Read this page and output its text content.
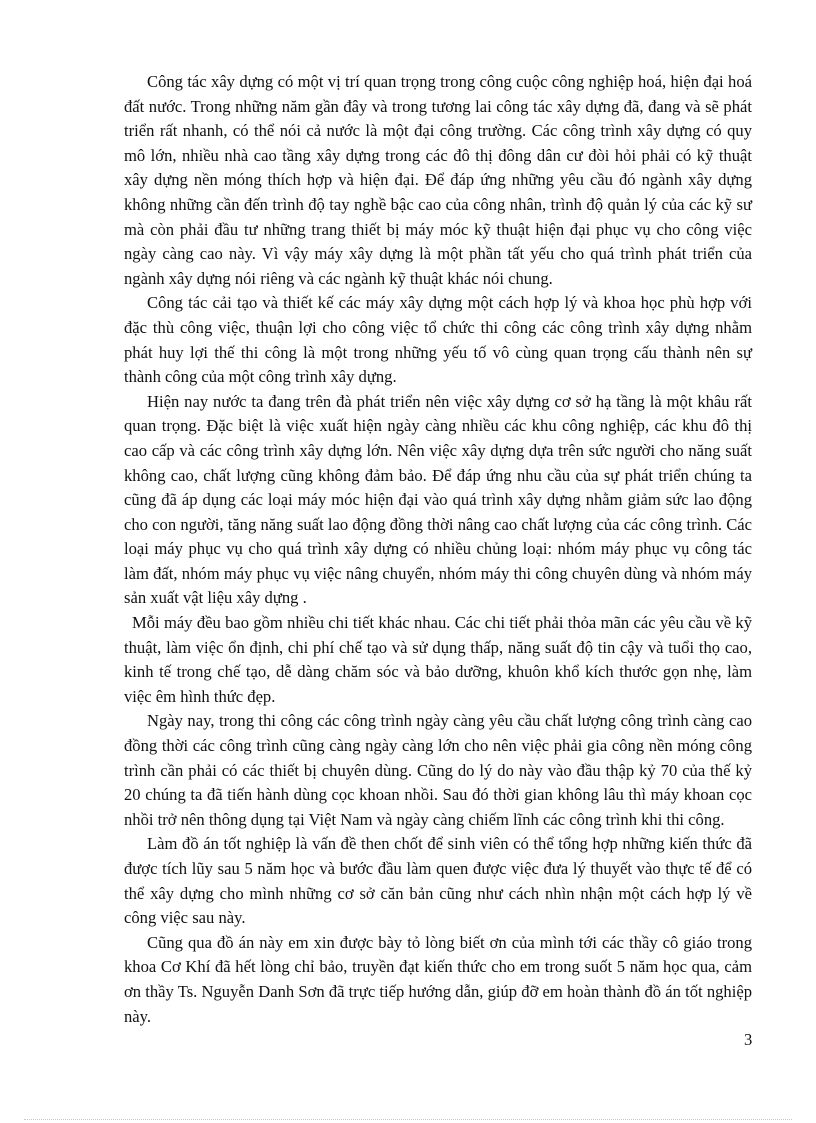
Công tác xây dựng có một vị trí quan trọng trong công cuộc công nghiệp hoá, hiện đại hoá đất nước. Trong những năm gần đây và trong tương lai công tác xây dựng đã, đang và sẽ phát triển rất nhanh, có thể nói cả nước là một đại công trường. Các công trình xây dựng có quy mô lớn, nhiều nhà cao tầng xây dựng trong các đô thị đông dân cư đòi hỏi phải có kỹ thuật xây dựng nền móng thích hợp và hiện đại. Để đáp ứng những yêu cầu đó ngành xây dựng không những cần đến trình độ tay nghề bậc cao của công nhân, trình độ quản lý của các kỹ sư mà còn phải đầu tư những trang thiết bị máy móc kỹ thuật hiện đại phục vụ cho công việc ngày càng cao này. Vì vậy máy xây dựng là một phần tất yếu cho quá trình phát triển của ngành xây dựng nói riêng và các ngành kỹ thuật khác nói chung.

Công tác cải tạo và thiết kế các máy xây dựng một cách hợp lý và khoa học phù hợp với đặc thù công việc, thuận lợi cho công việc tổ chức thi công các công trình xây dựng nhằm phát huy lợi thế thi công là một trong những yếu tố vô cùng quan trọng cấu thành nên sự thành công của một công trình xây dựng.

Hiện nay nước ta đang trên đà phát triển nên việc xây dựng cơ sở hạ tầng là một khâu rất quan trọng. Đặc biệt là việc xuất hiện ngày càng nhiều các khu công nghiệp, các khu đô thị cao cấp và các công trình xây dựng lớn. Nên việc xây dựng dựa trên sức người cho năng suất không cao, chất lượng cũng không đảm bảo. Để đáp ứng nhu cầu của sự phát triển chúng ta cũng đã áp dụng các loại máy móc hiện đại vào quá trình xây dựng nhằm giảm sức lao động cho con người, tăng năng suất lao động đồng thời nâng cao chất lượng của các công trình. Các loại máy phục vụ cho quá trình xây dựng có nhiều chủng loại: nhóm máy phục vụ công tác làm đất, nhóm máy phục vụ việc nâng chuyển, nhóm máy thi công chuyên dùng và nhóm máy sản xuất vật liệu xây dựng .

Mỗi máy đều bao gồm nhiều chi tiết khác nhau. Các chi tiết phải thỏa mãn các yêu cầu về kỹ thuật, làm việc ổn định, chi phí chế tạo và sử dụng thấp, năng suất độ tin cậy và tuổi thọ cao, kinh tế trong chế tạo, dễ dàng chăm sóc và bảo dưỡng, khuôn khổ kích thước gọn nhẹ, làm việc êm hình thức đẹp.

Ngày nay, trong thi công các công trình ngày càng yêu cầu chất lượng công trình càng cao đồng thời các công trình cũng càng ngày càng lớn cho nên việc phải gia công nền móng công trình cần phải có các thiết bị chuyên dùng. Cũng do lý do này vào đầu thập kỷ 70 của thế kỷ 20 chúng ta đã tiến hành dùng cọc khoan nhồi. Sau đó thời gian không lâu thì máy khoan cọc nhồi trở nên thông dụng tại Việt Nam và ngày càng chiếm lĩnh các công trình khi thi công.

Làm đồ án tốt nghiệp là vấn đề then chốt để sinh viên có thể tổng hợp những kiến thức đã được tích lũy sau 5 năm học và bước đầu làm quen được việc đưa lý thuyết vào thực tế để có thể xây dựng cho mình những cơ sở căn bản cũng như cách nhìn nhận một cách hợp lý về công việc sau này.

Cũng qua đồ án này em xin được bày tỏ lòng biết ơn của mình tới các thầy cô giáo trong khoa Cơ Khí đã hết lòng chỉ bảo, truyền đạt kiến thức cho em trong suốt 5 năm học qua, cảm ơn thầy Ts. Nguyễn Danh Sơn đã trực tiếp hướng dẫn, giúp đỡ em hoàn thành đồ án tốt nghiệp này.

3
